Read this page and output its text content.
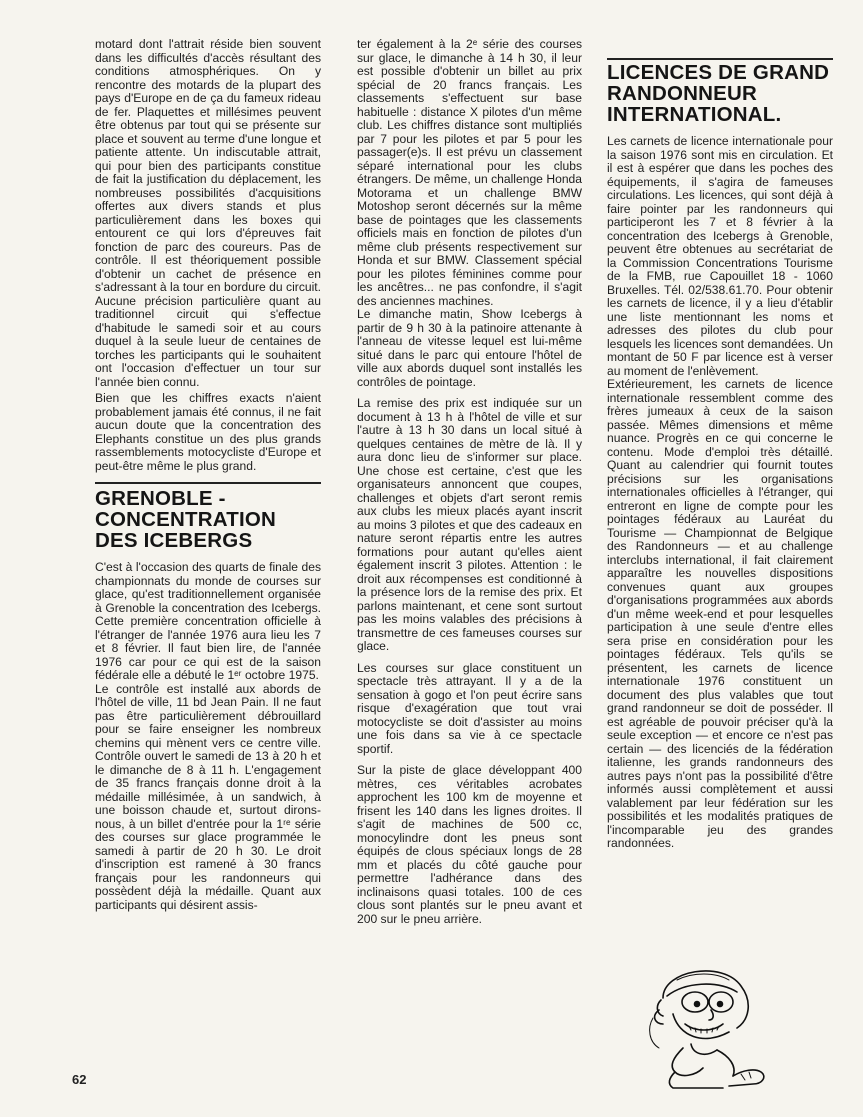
motard dont l'attrait réside bien souvent dans les difficultés d'accès résultant des conditions atmosphériques. On y rencontre des motards de la plupart des pays d'Europe en de ça du fameux rideau de fer. Plaquettes et millésimes peuvent être obtenus par tout qui se présente sur place et souvent au terme d'une longue et patiente attente. Un indiscutable attrait, qui pour bien des participants constitue de fait la justification du déplacement, les nombreuses possibilités d'acquisitions offertes aux divers stands et plus particulièrement dans les boxes qui entourent ce qui lors d'épreuves fait fonction de parc des coureurs. Pas de contrôle. Il est théoriquement possible d'obtenir un cachet de présence en s'adressant à la tour en bordure du circuit. Aucune précision particulière quant au traditionnel circuit qui s'effectue d'habitude le samedi soir et au cours duquel à la seule lueur de centaines de torches les participants qui le souhaitent ont l'occasion d'effectuer un tour sur l'année bien connu.

Bien que les chiffres exacts n'aient probablement jamais été connus, il ne fait aucun doute que la concentration des Elephants constitue un des plus grands rassemblements motocycliste d'Europe et peut-être même le plus grand.

GRENOBLE - CONCENTRATION DES ICEBERGS

C'est à l'occasion des quarts de finale des championnats du monde de courses sur glace, qu'est traditionnellement organisée à Grenoble la concentration des Icebergs. Cette première concentration officielle à l'étranger de l'année 1976 aura lieu les 7 et 8 février. Il faut bien lire, de l'année 1976 car pour ce qui est de la saison fédérale elle a débuté le 1ᵉʳ octobre 1975.

Le contrôle est installé aux abords de l'hôtel de ville, 11 bd Jean Pain. Il ne faut pas être particulièrement débrouillard pour se faire enseigner les nombreux chemins qui mènent vers ce centre ville. Contrôle ouvert le samedi de 13 à 20 h et le dimanche de 8 à 11 h. L'engagement de 35 francs français donne droit à la médaille millésimée, à un sandwich, à une boisson chaude et, surtout dirons-nous, à un billet d'entrée pour la 1ʳᵉ série des courses sur glace programmée le samedi à partir de 20 h 30. Le droit d'inscription est ramené à 30 francs français pour les randonneurs qui possèdent déjà la médaille. Quant aux participants qui désirent assis-

ter également à la 2ᵉ série des courses sur glace, le dimanche à 14 h 30, il leur est possible d'obtenir un billet au prix spécial de 20 francs français. Les classements s'effectuent sur base habituelle : distance X pilotes d'un même club. Les chiffres distance sont multipliés par 7 pour les pilotes et par 5 pour les passager(e)s. Il est prévu un classement séparé international pour les clubs étrangers. De même, un challenge Honda Motorama et un challenge BMW Motoshop seront décernés sur la même base de pointages que les classements officiels mais en fonction de pilotes d'un même club présents respectivement sur Honda et sur BMW. Classement spécial pour les pilotes féminines comme pour les ancêtres... ne pas confondre, il s'agit des anciennes machines.

Le dimanche matin, Show Icebergs à partir de 9 h 30 à la patinoire attenante à l'anneau de vitesse lequel est lui-même situé dans le parc qui entoure l'hôtel de ville aux abords duquel sont installés les contrôles de pointage.

La remise des prix est indiquée sur un document à 13 h à l'hôtel de ville et sur l'autre à 13 h 30 dans un local situé à quelques centaines de mètre de là. Il y aura donc lieu de s'informer sur place. Une chose est certaine, c'est que les organisateurs annoncent que coupes, challenges et objets d'art seront remis aux clubs les mieux placés ayant inscrit au moins 3 pilotes et que des cadeaux en nature seront répartis entre les autres formations pour autant qu'elles aient également inscrit 3 pilotes. Attention : le droit aux récompenses est conditionné à la présence lors de la remise des prix. Et parlons maintenant, et cene sont surtout pas les moins valables des précisions à transmettre de ces fameuses courses sur glace.

Les courses sur glace constituent un spectacle très attrayant. Il y a de la sensation à gogo et l'on peut écrire sans risque d'exagération que tout vrai motocycliste se doit d'assister au moins une fois dans sa vie à ce spectacle sportif.

Sur la piste de glace développant 400 mètres, ces véritables acrobates approchent les 100 km de moyenne et frisent les 140 dans les lignes droites. Il s'agit de machines de 500 cc, monocylindre dont les pneus sont équipés de clous spéciaux longs de 28 mm et placés du côté gauche pour permettre l'adhérance dans des inclinaisons quasi totales. 100 de ces clous sont plantés sur le pneu avant et 200 sur le pneu arrière.

LICENCES DE GRAND RANDONNEUR INTERNATIONAL.

Les carnets de licence internationale pour la saison 1976 sont mis en circulation. Et il est à espérer que dans les poches des équipements, il s'agira de fameuses circulations. Les licences, qui sont déjà à faire pointer par les randonneurs qui participeront les 7 et 8 février à la concentration des Icebergs à Grenoble, peuvent être obtenues au secrétariat de la Commission Concentrations Tourisme de la FMB, rue Capouillet 18 - 1060 Bruxelles. Tél. 02/538.61.70. Pour obtenir les carnets de licence, il y a lieu d'établir une liste mentionnant les noms et adresses des pilotes du club pour lesquels les licences sont demandées. Un montant de 50 F par licence est à verser au moment de l'enlèvement.

Extérieurement, les carnets de licence internationale ressemblent comme des frères jumeaux à ceux de la saison passée. Mêmes dimensions et même nuance. Progrès en ce qui concerne le contenu. Mode d'emploi très détaillé. Quant au calendrier qui fournit toutes précisions sur les organisations internationales officielles à l'étranger, qui entreront en ligne de compte pour les pointages fédéraux au Lauréat du Tourisme — Championnat de Belgique des Randonneurs — et au challenge interclubs international, il fait clairement apparaître les nouvelles dispositions convenues quant aux groupes d'organisations programmées aux abords d'un même week-end et pour lesquelles participation à une seule d'entre elles sera prise en considération pour les pointages fédéraux. Tels qu'ils se présentent, les carnets de licence internationale 1976 constituent un document des plus valables que tout grand randonneur se doit de posséder. Il est agréable de pouvoir préciser qu'à la seule exception — et encore ce n'est pas certain — des licenciés de la fédération italienne, les grands randonneurs des autres pays n'ont pas la possibilité d'être informés aussi complètement et aussi valablement par leur fédération sur les possibilités et les modalités pratiques de l'incomparable jeu des grandes randonnées.

62
